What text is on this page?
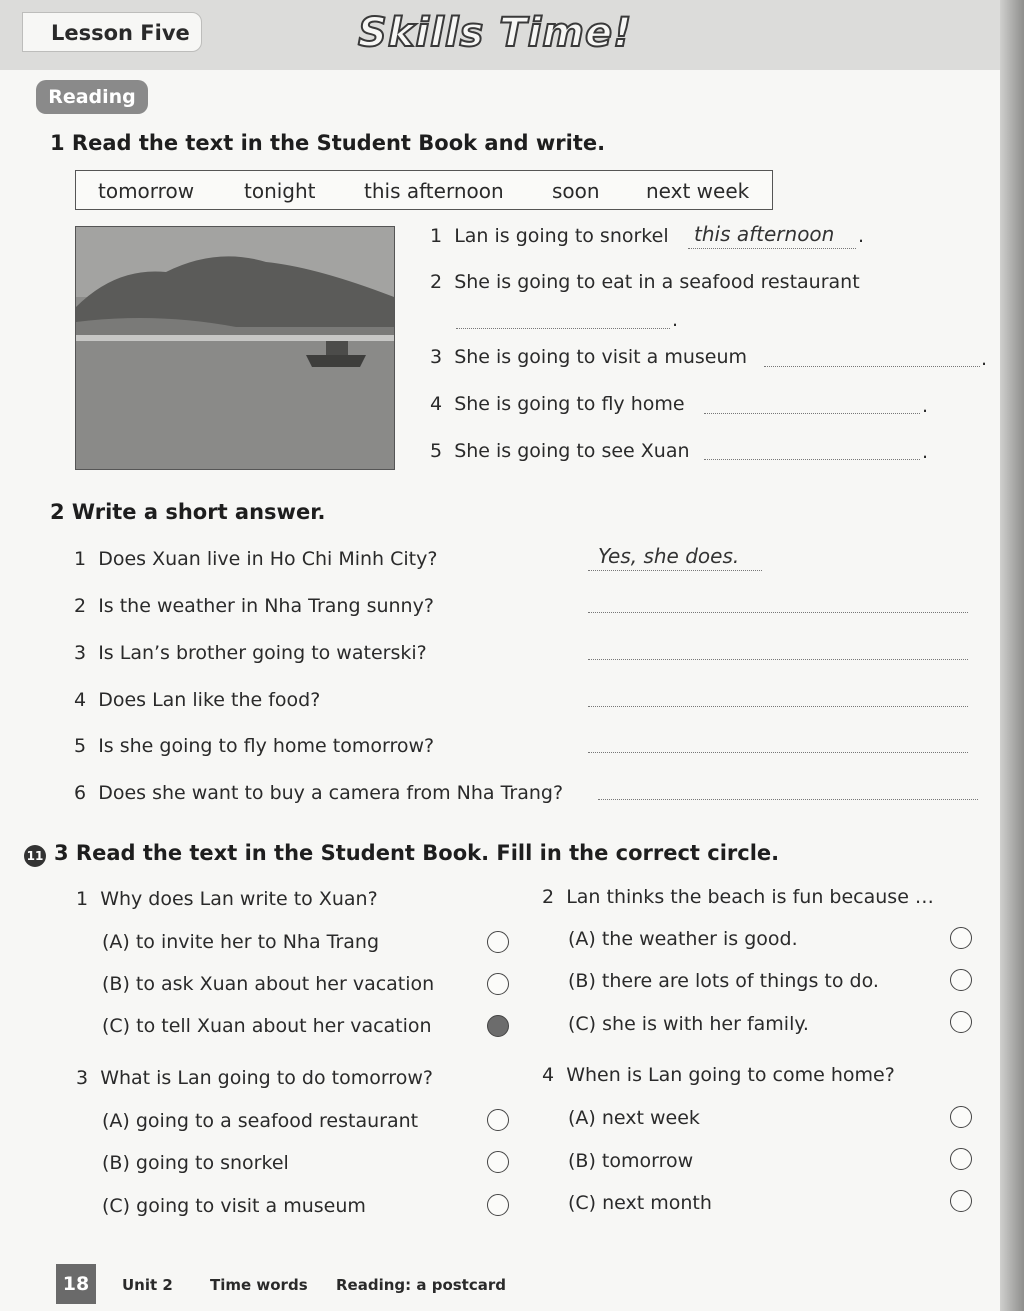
Lesson Five	Skills Time!
Reading
1 Read the text in the Student Book and write.
tomorrow tonight this afternoon soon next week
1 Lan is going to snorkel this afternoon .
2 She is going to eat in a seafood restaurant
.
3 She is going to visit a museum	.
4 She is going to fly home	.
5 She is going to see Xuan	.
2 Write a short answer.
1 Does Xuan live in Ho Chi Minh City?	Yes, she does.
2 Is the weather in Nha Trang sunny?
3 Is Lan’s brother going to waterski?
4 Does Lan like the food?
5 Is she going to fly home tomorrow?
6 Does she want to buy a camera from Nha Trang?
11 3 Read the text in the Student Book. Fill in the correct circle.
1 Why does Lan write to Xuan?
(A) to invite her to Nha Trang
(B) to ask Xuan about her vacation
(C) to tell Xuan about her vacation
2 Lan thinks the beach is fun because …
(A) the weather is good.
(B) there are lots of things to do.
(C) she is with her family.
3 What is Lan going to do tomorrow?
(A) going to a seafood restaurant
(B) going to snorkel
(C) going to visit a museum
4 When is Lan going to come home?
(A) next week
(B) tomorrow
(C) next month
18	Unit 2 Time words Reading: a postcard
